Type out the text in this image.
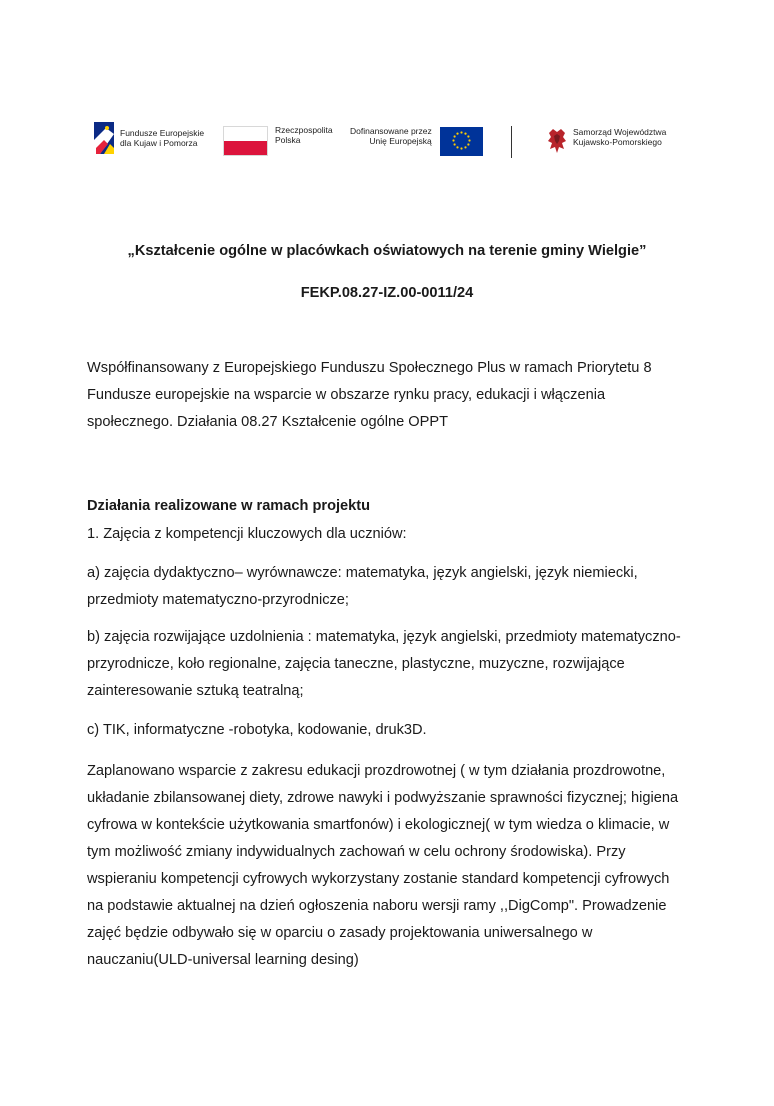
Fundusze Europejskie
dla Kujaw i Pomorza
Rzeczpospolita
Polska
Dofinansowane przez
Unię Europejską
Samorząd Województwa
Kujawsko-Pomorskiego
„Kształcenie ogólne w placówkach oświatowych na terenie gminy Wielgie”
FEKP.08.27-IZ.00-0011/24

Współfinansowany z Europejskiego Funduszu Społecznego Plus w ramach Priorytetu 8 Fundusze europejskie na wsparcie w obszarze rynku pracy, edukacji i włączenia społecznego. Działania 08.27 Kształcenie ogólne OPPT

Działania realizowane w ramach projektu

1. Zajęcia z kompetencji kluczowych dla uczniów:

a) zajęcia dydaktyczno– wyrównawcze: matematyka, język angielski, język niemiecki, przedmioty matematyczno-przyrodnicze;

b) zajęcia rozwijające uzdolnienia : matematyka, język angielski, przedmioty matematyczno-przyrodnicze, koło regionalne, zajęcia taneczne, plastyczne, muzyczne, rozwijające zainteresowanie sztuką teatralną;

c) TIK, informatyczne -robotyka, kodowanie, druk3D.

Zaplanowano wsparcie z zakresu edukacji prozdrowotnej ( w tym działania prozdrowotne, układanie zbilansowanej diety, zdrowe nawyki i podwyższanie sprawności fizycznej; higiena cyfrowa w kontekście użytkowania smartfonów) i ekologicznej( w tym wiedza o klimacie, w tym możliwość zmiany indywidualnych zachowań w celu ochrony środowiska). Przy wspieraniu kompetencji cyfrowych wykorzystany zostanie standard kompetencji cyfrowych na podstawie aktualnej na dzień ogłoszenia naboru wersji ramy ,,DigComp". Prowadzenie zajęć będzie odbywało się w oparciu o zasady projektowania uniwersalnego w nauczaniu(ULD-universal learning desing)
